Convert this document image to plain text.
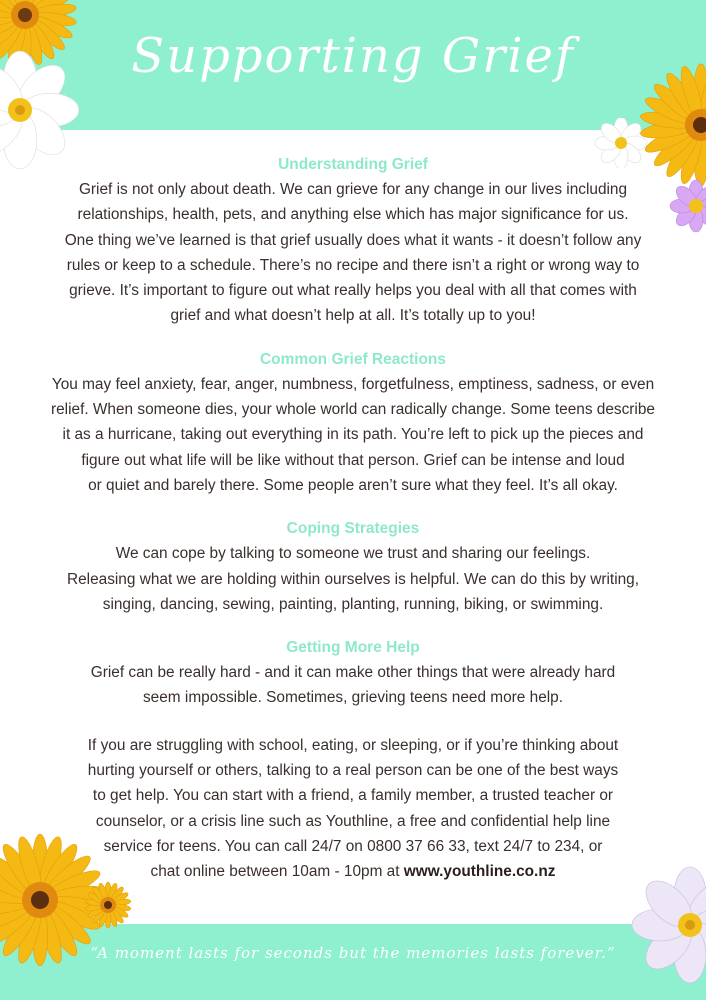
Supporting Grief
Understanding Grief

Grief is not only about death. We can grieve for any change in our lives including
relationships, health, pets, and anything else which has major significance for us.
One thing we’ve learned is that grief usually does what it wants - it doesn’t follow any
rules or keep to a schedule. There’s no recipe and there isn’t a right or wrong way to
grieve. It’s important to figure out what really helps you deal with all that comes with
grief and what doesn’t help at all. It’s totally up to you!

Common Grief Reactions

You may feel anxiety, fear, anger, numbness, forgetfulness, emptiness, sadness, or even
relief. When someone dies, your whole world can radically change. Some teens describe
it as a hurricane, taking out everything in its path. You’re left to pick up the pieces and
figure out what life will be like without that person. Grief can be intense and loud
or quiet and barely there. Some people aren’t sure what they feel. It’s all okay.

Coping Strategies

We can cope by talking to someone we trust and sharing our feelings.
Releasing what we are holding within ourselves is helpful. We can do this by writing,
singing, dancing, sewing, painting, planting, running, biking, or swimming.

Getting More Help

Grief can be really hard - and it can make other things that were already hard
seem impossible. Sometimes, grieving teens need more help.

If you are struggling with school, eating, or sleeping, or if you’re thinking about
hurting yourself or others, talking to a real person can be one of the best ways
to get help. You can start with a friend, a family member, a trusted teacher or
counselor, or a crisis line such as Youthline, a free and confidential help line
service for teens. You can call 24/7 on 0800 37 66 33, text 24/7 to 234, or
chat online between 10am - 10pm at www.youthline.co.nz

“A moment lasts for seconds but the memories lasts forever.”
